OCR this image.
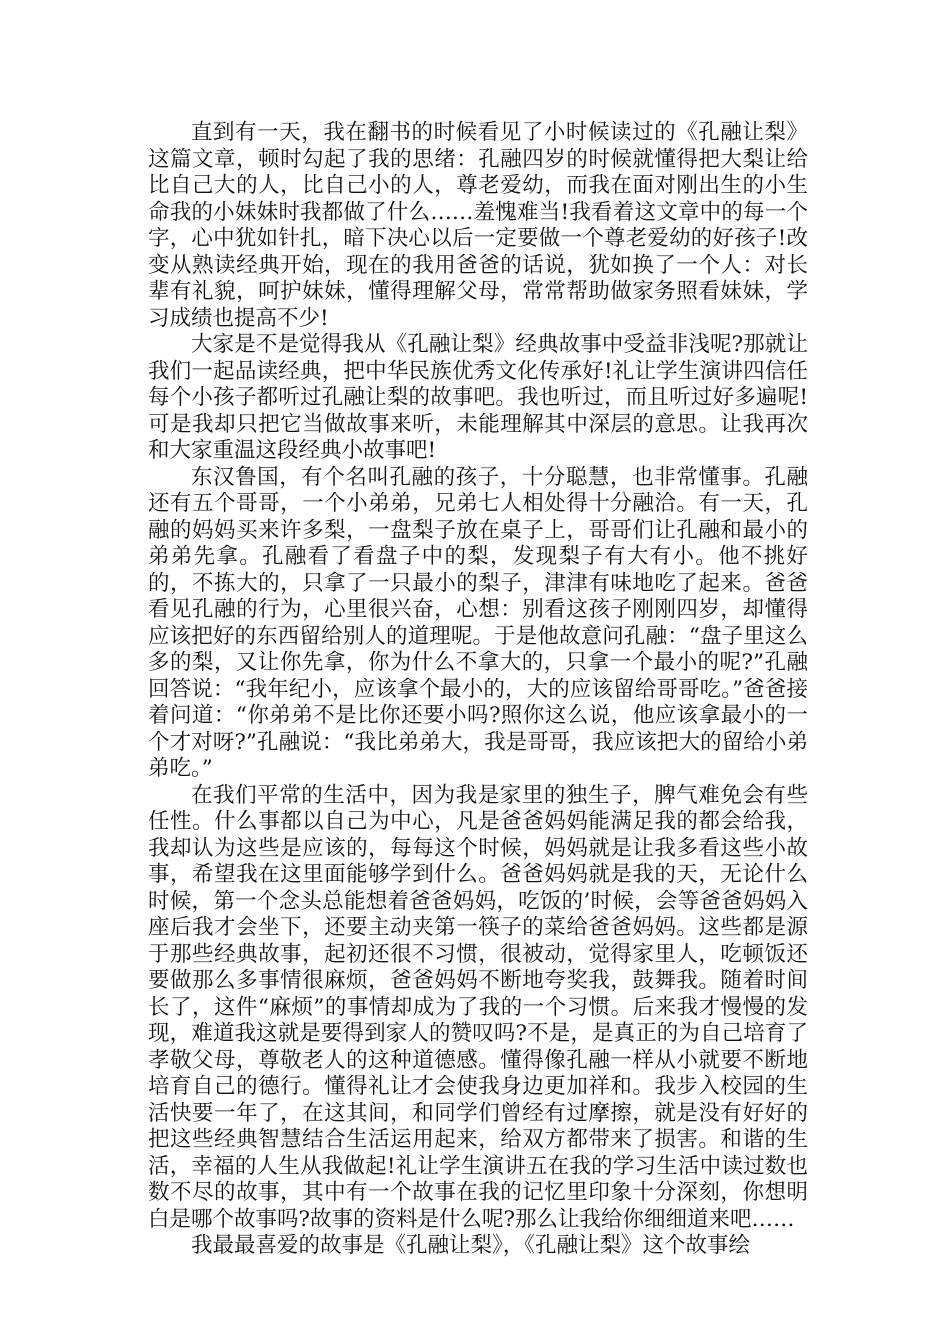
直到有一天，我在翻书的时候看见了小时候读过的《孔融让梨》这篇文章，顿时勾起了我的思绪：孔融四岁的时候就懂得把大梨让给比自己大的人，比自己小的人，尊老爱幼，而我在面对刚出生的小生命我的小妹妹时我都做了什么……羞愧难当!我看着这文章中的每一个字，心中犹如针扎，暗下决心以后一定要做一个尊老爱幼的好孩子!改变从熟读经典开始，现在的我用爸爸的话说，犹如换了一个人：对长辈有礼貌，呵护妹妹，懂得理解父母，常常帮助做家务照看妹妹，学习成绩也提高不少!

大家是不是觉得我从《孔融让梨》经典故事中受益非浅呢?那就让我们一起品读经典，把中华民族优秀文化传承好!礼让学生演讲四信任每个小孩子都听过孔融让梨的故事吧。我也听过，而且听过好多遍呢!可是我却只把它当做故事来听，未能理解其中深层的意思。让我再次和大家重温这段经典小故事吧!

东汉鲁国，有个名叫孔融的孩子，十分聪慧，也非常懂事。孔融还有五个哥哥，一个小弟弟，兄弟七人相处得十分融洽。有一天，孔融的妈妈买来许多梨，一盘梨子放在桌子上，哥哥们让孔融和最小的弟弟先拿。孔融看了看盘子中的梨，发现梨子有大有小。他不挑好的，不拣大的，只拿了一只最小的梨子，津津有味地吃了起来。爸爸看见孔融的行为，心里很兴奋，心想：别看这孩子刚刚四岁，却懂得应该把好的东西留给别人的道理呢。于是他故意问孔融：“盘子里这么多的梨，又让你先拿，你为什么不拿大的，只拿一个最小的呢?”孔融回答说：“我年纪小，应该拿个最小的，大的应该留给哥哥吃。”爸爸接着问道：“你弟弟不是比你还要小吗?照你这么说，他应该拿最小的一个才对呀?”孔融说：“我比弟弟大，我是哥哥，我应该把大的留给小弟弟吃。”

在我们平常的生活中，因为我是家里的独生子，脾气难免会有些任性。什么事都以自己为中心，凡是爸爸妈妈能满足我的都会给我，我却认为这些是应该的，每每这个时候，妈妈就是让我多看这些小故事，希望我在这里面能够学到什么。爸爸妈妈就是我的天，无论什么时候，第一个念头总能想着爸爸妈妈，吃饭的’时候，会等爸爸妈妈入座后我才会坐下，还要主动夹第一筷子的菜给爸爸妈妈。这些都是源于那些经典故事，起初还很不习惯，很被动，觉得家里人，吃顿饭还要做那么多事情很麻烦，爸爸妈妈不断地夸奖我，鼓舞我。随着时间长了，这件“麻烦”的事情却成为了我的一个习惯。后来我才慢慢的发现，难道我这就是要得到家人的赞叹吗?不是，是真正的为自己培育了孝敬父母，尊敬老人的这种道德感。懂得像孔融一样从小就要不断地培育自己的德行。懂得礼让才会使我身边更加祥和。我步入校园的生活快要一年了，在这其间，和同学们曾经有过摩擦，就是没有好好的把这些经典智慧结合生活运用起来，给双方都带来了损害。和谐的生活，幸福的人生从我做起!礼让学生演讲五在我的学习生活中读过数也数不尽的故事，其中有一个故事在我的记忆里印象十分深刻，你想明白是哪个故事吗?故事的资料是什么呢?那么让我给你细细道来吧……

我最最喜爱的故事是《孔融让梨》，《孔融让梨》这个故事绘
